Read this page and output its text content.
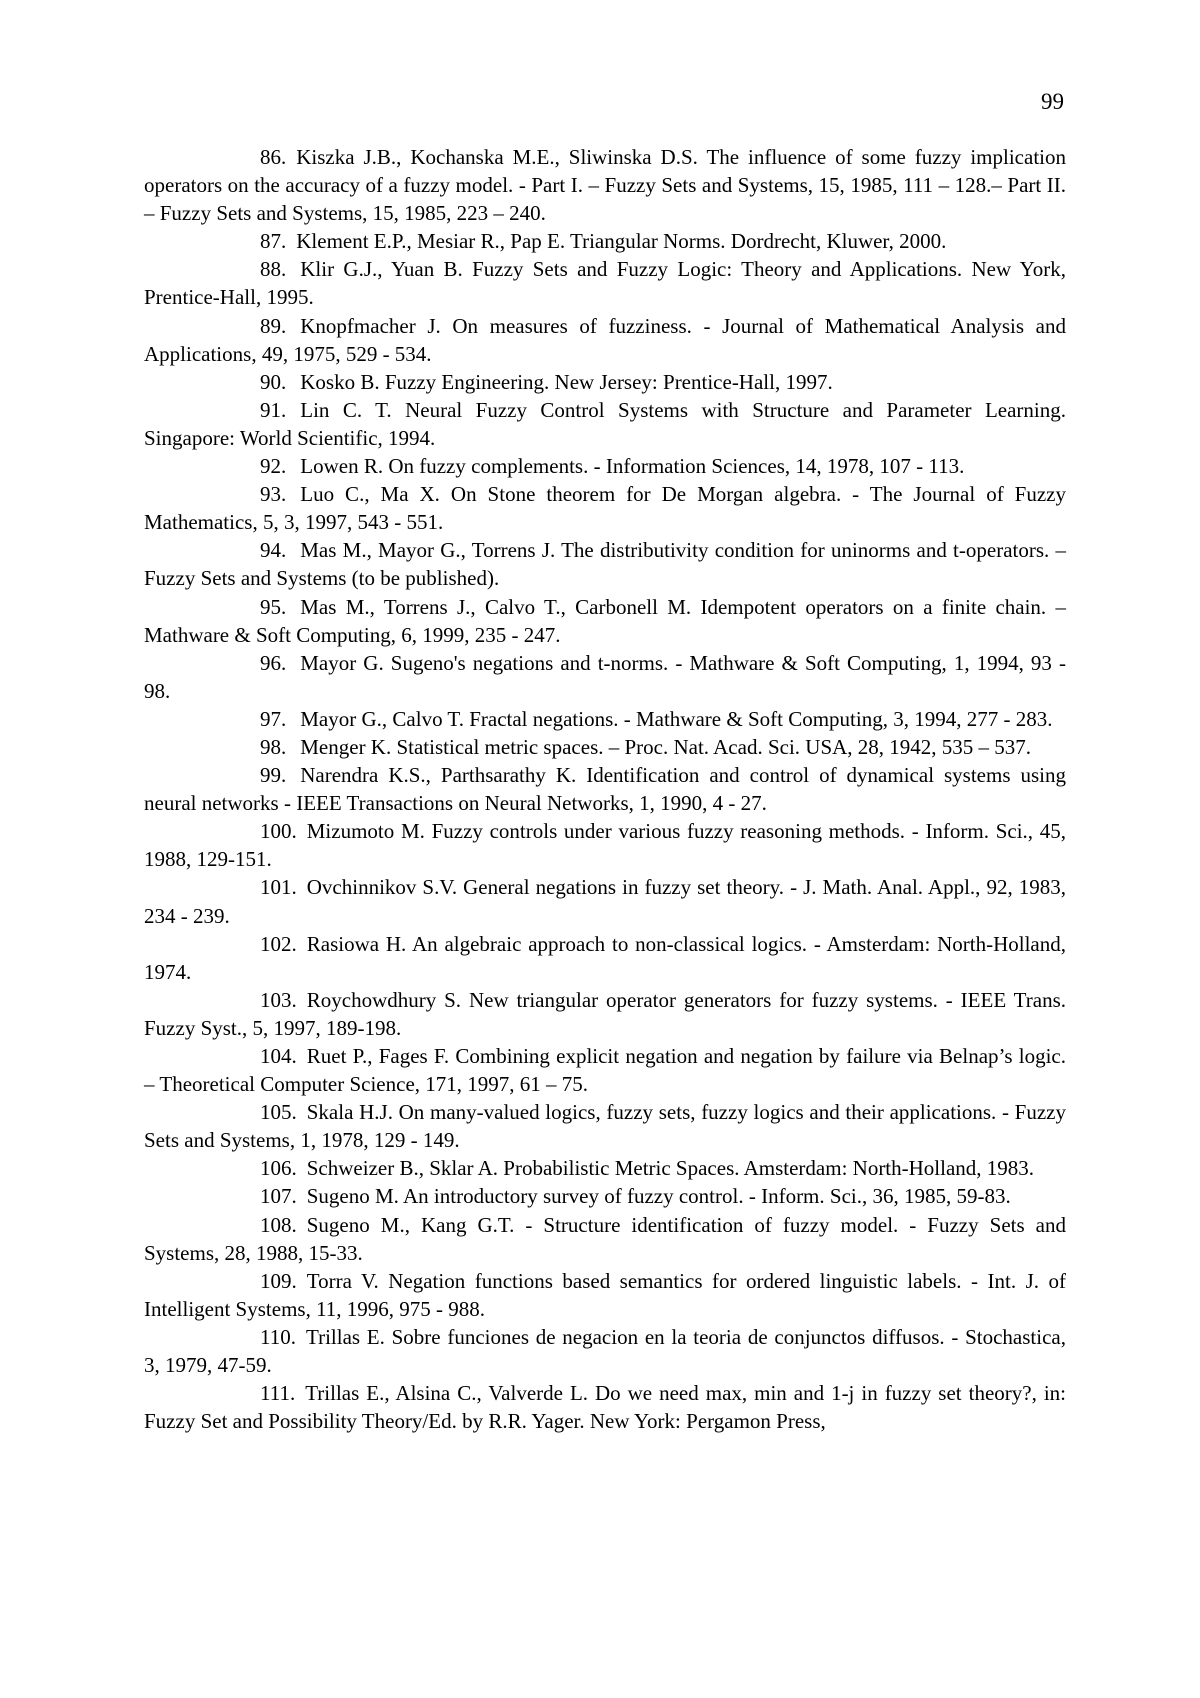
99

86. Kiszka J.B., Kochanska M.E., Sliwinska D.S. The influence of some fuzzy implication operators on the accuracy of a fuzzy model. - Part I. – Fuzzy Sets and Systems, 15, 1985, 111 – 128.– Part II. – Fuzzy Sets and Systems, 15, 1985, 223 – 240.

87. Klement E.P., Mesiar R., Pap E. Triangular Norms. Dordrecht, Kluwer, 2000.

88. Klir G.J., Yuan B. Fuzzy Sets and Fuzzy Logic: Theory and Applications. New York, Prentice-Hall, 1995.

89. Knopfmacher J. On measures of fuzziness. - Journal of Mathematical Analysis and Applications, 49, 1975, 529 - 534.

90. Kosko B. Fuzzy Engineering. New Jersey: Prentice-Hall, 1997.

91. Lin C. T. Neural Fuzzy Control Systems with Structure and Parameter Learning. Singapore: World Scientific, 1994.

92. Lowen R. On fuzzy complements. - Information Sciences, 14, 1978, 107 - 113.

93. Luo C., Ma X. On Stone theorem for De Morgan algebra. - The Journal of Fuzzy Mathematics, 5, 3, 1997, 543 - 551.

94. Mas M., Mayor G., Torrens J. The distributivity condition for uninorms and t-operators. – Fuzzy Sets and Systems (to be published).

95. Mas M., Torrens J., Calvo T., Carbonell M. Idempotent operators on a finite chain. – Mathware & Soft Computing, 6, 1999, 235 - 247.

96. Mayor G. Sugeno's negations and t-norms. - Mathware & Soft Computing, 1, 1994, 93 - 98.

97. Mayor G., Calvo T. Fractal negations. - Mathware & Soft Computing, 3, 1994, 277 - 283.

98. Menger K. Statistical metric spaces. – Proc. Nat. Acad. Sci. USA, 28, 1942, 535 – 537.

99. Narendra K.S., Parthsarathy K. Identification and control of dynamical systems using neural networks - IEEE Transactions on Neural Networks, 1, 1990, 4 - 27.

100. Mizumoto M. Fuzzy controls under various fuzzy reasoning methods. - Inform. Sci., 45, 1988, 129-151.

101. Ovchinnikov S.V. General negations in fuzzy set theory. - J. Math. Anal. Appl., 92, 1983, 234 - 239.

102. Rasiowa H. An algebraic approach to non-classical logics. - Amsterdam: North-Holland, 1974.

103. Roychowdhury S. New triangular operator generators for fuzzy systems. - IEEE Trans. Fuzzy Syst., 5, 1997, 189-198.

104. Ruet P., Fages F. Combining explicit negation and negation by failure via Belnap’s logic. – Theoretical Computer Science, 171, 1997, 61 – 75.

105. Skala H.J. On many-valued logics, fuzzy sets, fuzzy logics and their applications. - Fuzzy Sets and Systems, 1, 1978, 129 - 149.

106. Schweizer B., Sklar A. Probabilistic Metric Spaces. Amsterdam: North-Holland, 1983.

107. Sugeno M. An introductory survey of fuzzy control. - Inform. Sci., 36, 1985, 59-83.

108. Sugeno M., Kang G.T. - Structure identification of fuzzy model. - Fuzzy Sets and Systems, 28, 1988, 15-33.

109. Torra V. Negation functions based semantics for ordered linguistic labels. - Int. J. of Intelligent Systems, 11, 1996, 975 - 988.

110. Trillas E. Sobre funciones de negacion en la teoria de conjunctos diffusos. - Stochastica, 3, 1979, 47-59.

111. Trillas E., Alsina C., Valverde L. Do we need max, min and 1-j in fuzzy set theory?, in: Fuzzy Set and Possibility Theory/Ed. by R.R. Yager. New York: Pergamon Press,
